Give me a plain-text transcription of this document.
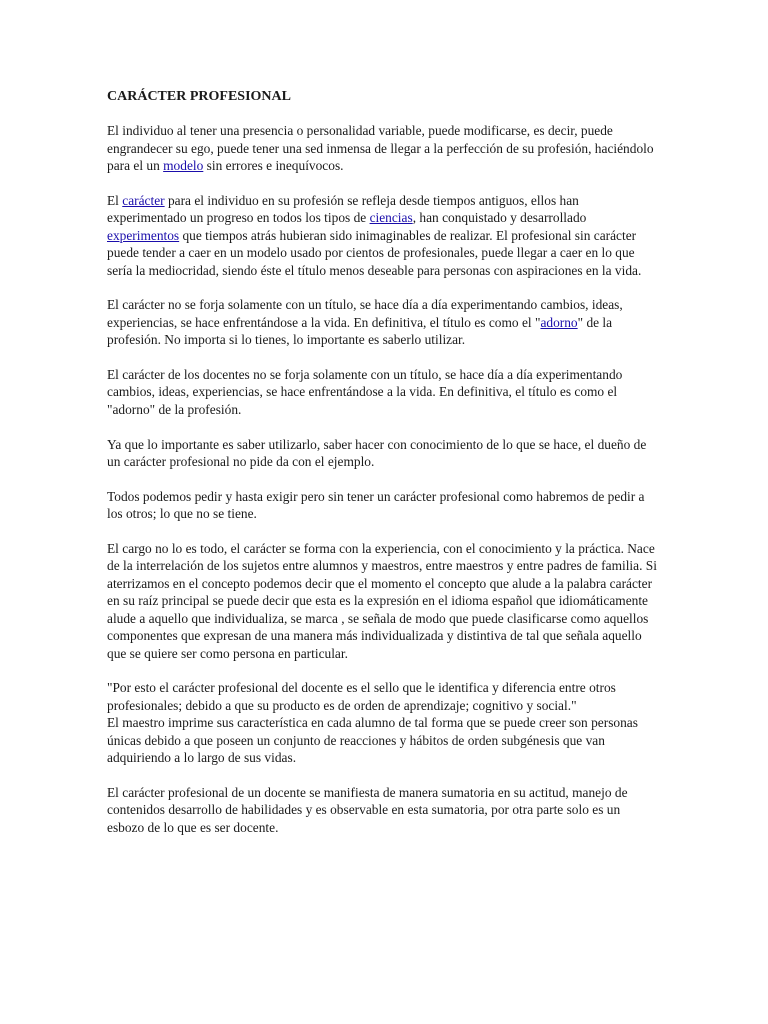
CARÁCTER PROFESIONAL

El individuo al tener una presencia o personalidad variable, puede modificarse, es decir, puede engrandecer su ego, puede tener una sed inmensa de llegar a la perfección de su profesión, haciéndolo para el un modelo sin errores e inequívocos.

El carácter para el individuo en su profesión se refleja desde tiempos antiguos, ellos han experimentado un progreso en todos los tipos de ciencias, han conquistado y desarrollado experimentos que tiempos atrás hubieran sido inimaginables de realizar. El profesional sin carácter puede tender a caer en un modelo usado por cientos de profesionales, puede llegar a caer en lo que sería la mediocridad, siendo éste el título menos deseable para personas con aspiraciones en la vida.

El carácter no se forja solamente con un título, se hace día a día experimentando cambios, ideas, experiencias, se hace enfrentándose a la vida. En definitiva, el título es como el "adorno" de la profesión. No importa si lo tienes, lo importante es saberlo utilizar.

El carácter de los docentes no se forja solamente con un título, se hace día a día experimentando cambios, ideas, experiencias, se hace enfrentándose a la vida. En definitiva, el título es como el "adorno" de la profesión.

Ya que lo importante es saber utilizarlo, saber hacer con conocimiento de lo que se hace, el dueño de un carácter profesional no pide da con el ejemplo.

Todos podemos pedir y hasta exigir pero sin tener un carácter profesional como habremos de pedir a los otros; lo que no se tiene.

El cargo no lo es todo, el carácter se forma con la experiencia, con el conocimiento y la práctica. Nace de la interrelación de los sujetos entre alumnos y maestros, entre maestros y entre padres de familia. Si aterrizamos en el concepto podemos decir que el momento el concepto que alude a la palabra carácter en su raíz principal se puede decir que esta es la expresión en el idioma español que idiomáticamente alude a aquello que individualiza, se marca , se señala de modo que puede clasificarse como aquellos componentes que expresan de una manera más individualizada y distintiva de tal que señala aquello que se quiere ser como persona en particular.

"Por esto el carácter profesional del docente es el sello que le identifica y diferencia entre otros profesionales; debido a que su producto es de orden de aprendizaje; cognitivo y social."
El maestro imprime sus característica en cada alumno de tal forma que se puede creer son personas únicas debido a que poseen un conjunto de reacciones y hábitos de orden subgénesis que van adquiriendo a lo largo de sus vidas.

El carácter profesional de un docente se manifiesta de manera sumatoria en su actitud, manejo de contenidos desarrollo de habilidades y es observable en esta sumatoria, por otra parte solo es un esbozo de lo que es ser docente.
